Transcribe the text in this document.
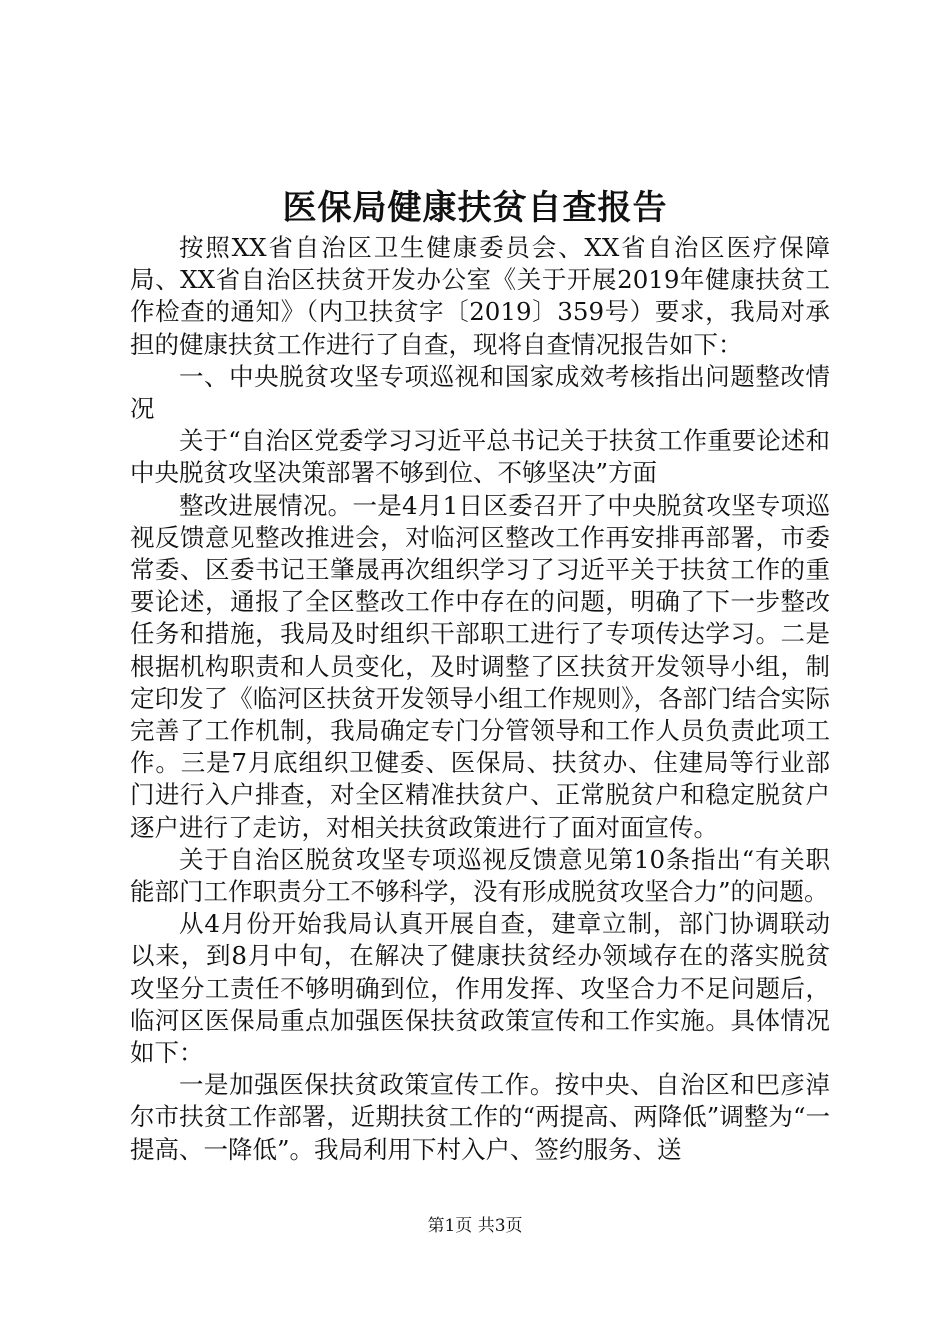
医保局健康扶贫自查报告

按照XX省自治区卫生健康委员会、XX省自治区医疗保障局、XX省自治区扶贫开发办公室《关于开展2019年健康扶贫工作检查的通知》（内卫扶贫字〔2019〕359号）要求，我局对承担的健康扶贫工作进行了自查，现将自查情况报告如下：

一、中央脱贫攻坚专项巡视和国家成效考核指出问题整改情况

关于“自治区党委学习习近平总书记关于扶贫工作重要论述和中央脱贫攻坚决策部署不够到位、不够坚决”方面

整改进展情况。一是4月1日区委召开了中央脱贫攻坚专项巡视反馈意见整改推进会，对临河区整改工作再安排再部署，市委常委、区委书记王肇晟再次组织学习了习近平关于扶贫工作的重要论述，通报了全区整改工作中存在的问题，明确了下一步整改任务和措施，我局及时组织干部职工进行了专项传达学习。二是根据机构职责和人员变化，及时调整了区扶贫开发领导小组，制定印发了《临河区扶贫开发领导小组工作规则》，各部门结合实际完善了工作机制，我局确定专门分管领导和工作人员负责此项工作。三是7月底组织卫健委、医保局、扶贫办、住建局等行业部门进行入户排查，对全区精准扶贫户、正常脱贫户和稳定脱贫户逐户进行了走访，对相关扶贫政策进行了面对面宣传。

关于自治区脱贫攻坚专项巡视反馈意见第10条指出“有关职能部门工作职责分工不够科学，没有形成脱贫攻坚合力”的问题。

从4月份开始我局认真开展自查，建章立制，部门协调联动以来，到8月中旬，在解决了健康扶贫经办领域存在的落实脱贫攻坚分工责任不够明确到位，作用发挥、攻坚合力不足问题后，临河区医保局重点加强医保扶贫政策宣传和工作实施。具体情况如下：

一是加强医保扶贫政策宣传工作。按中央、自治区和巴彦淖尔市扶贫工作部署，近期扶贫工作的“两提高、两降低”调整为“一提高、一降低”。我局利用下村入户、签约服务、送

第1页 共3页
